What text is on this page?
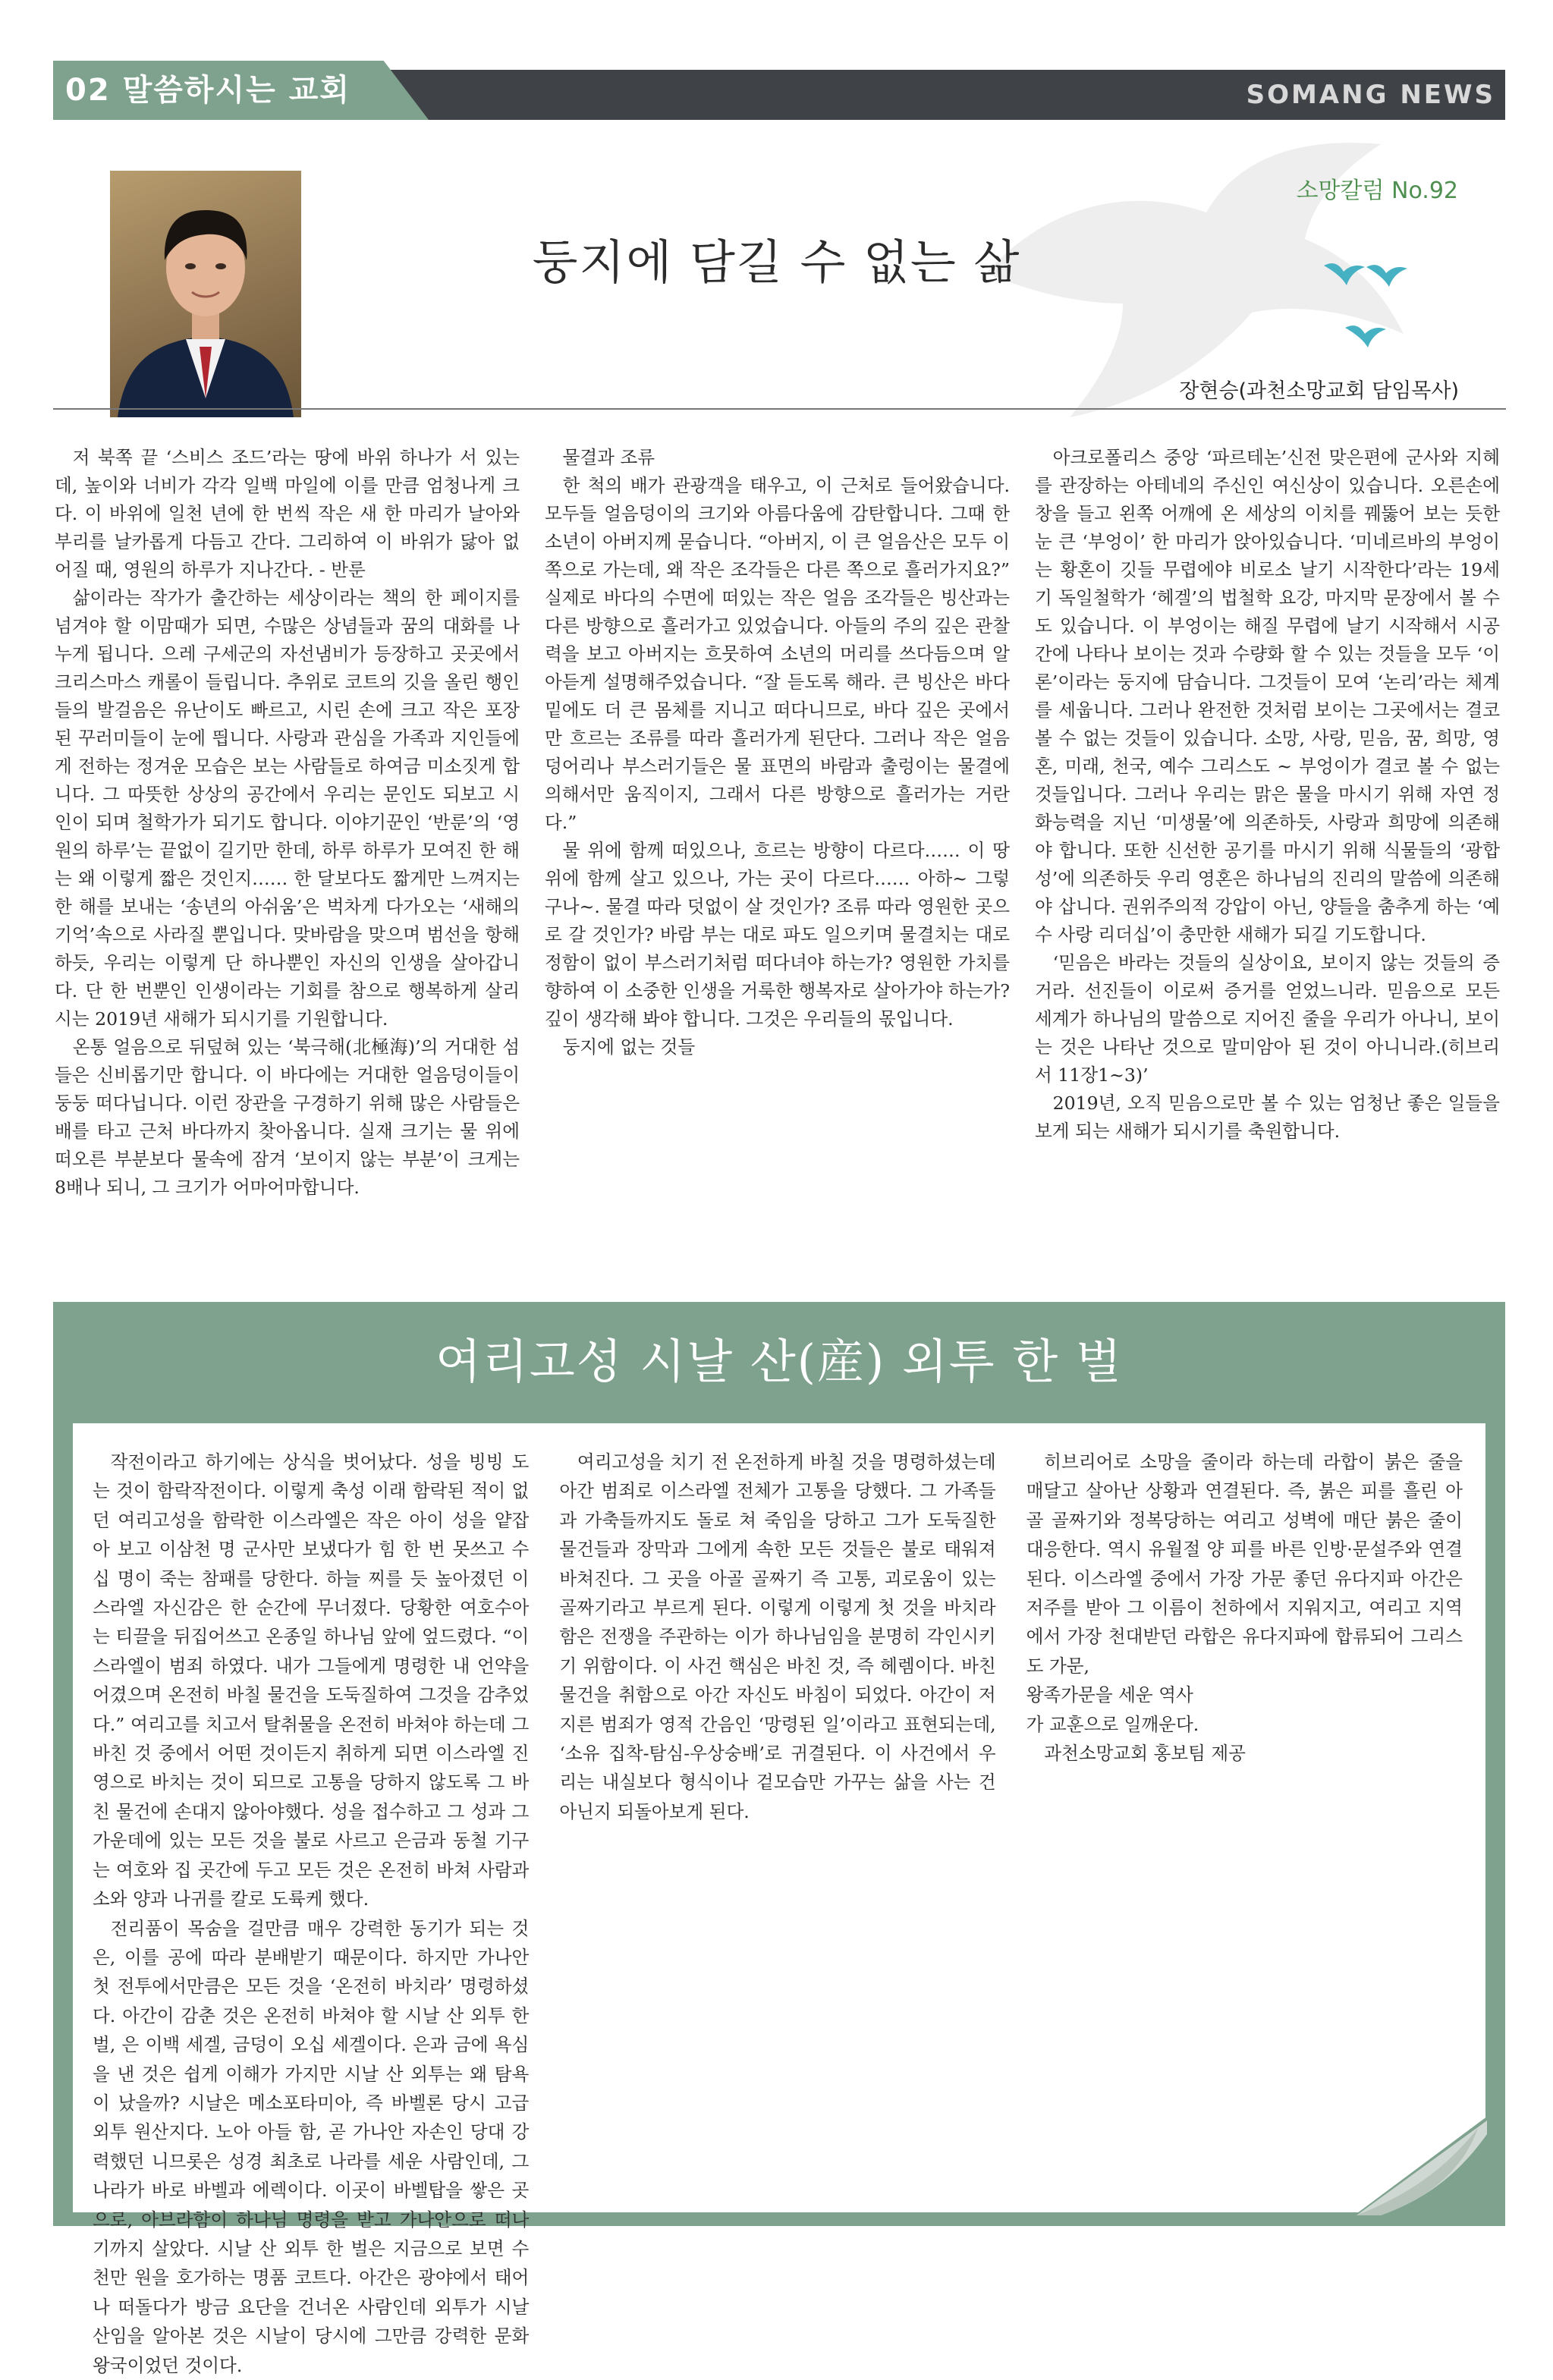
02 말씀하시는 교회	SOMANG NEWS
소망칼럼 No.92
둥지에 담길 수 없는 삶
장현승(과천소망교회 담임목사)

저 북쪽 끝 ‘스비스 조드’라는 땅에 바위 하나가 서 있는데, 높이와 너비가 각각 일백 마일에 이를 만큼 엄청나게 크다. 이 바위에 일천 년에 한 번씩 작은 새 한 마리가 날아와 부리를 날카롭게 다듬고 간다. 그리하여 이 바위가 닳아 없어질 때, 영원의 하루가 지나간다. - 반룬

삶이라는 작가가 출간하는 세상이라는 책의 한 페이지를 넘겨야 할 이맘때가 되면, 수많은 상념들과 꿈의 대화를 나누게 됩니다. 으레 구세군의 자선냄비가 등장하고 곳곳에서 크리스마스 캐롤이 들립니다. 추위로 코트의 깃을 올린 행인들의 발걸음은 유난이도 빠르고, 시린 손에 크고 작은 포장된 꾸러미들이 눈에 띕니다. 사랑과 관심을 가족과 지인들에게 전하는 정겨운 모습은 보는 사람들로 하여금 미소짓게 합니다. 그 따뜻한 상상의 공간에서 우리는 문인도 되보고 시인이 되며 철학가가 되기도 합니다. 이야기꾼인 ‘반룬’의 ‘영원의 하루’는 끝없이 길기만 한데, 하루 하루가 모여진 한 해는 왜 이렇게 짧은 것인지…… 한 달보다도 짧게만 느껴지는 한 해를 보내는 ‘송년의 아쉬움’은 벅차게 다가오는 ‘새해의 기억’속으로 사라질 뿐입니다. 맞바람을 맞으며 범선을 항해하듯, 우리는 이렇게 단 하나뿐인 자신의 인생을 살아갑니다. 단 한 번뿐인 인생이라는 기회를 참으로 행복하게 살리시는 2019년 새해가 되시기를 기원합니다.

온통 얼음으로 뒤덮혀 있는 ‘북극해(北極海)’의 거대한 섬들은 신비롭기만 합니다. 이 바다에는 거대한 얼음덩이들이 둥둥 떠다닙니다. 이런 장관을 구경하기 위해 많은 사람들은 배를 타고 근처 바다까지 찾아옵니다. 실재 크기는 물 위에 떠오른 부분보다 물속에 잠겨 ‘보이지 않는 부분’이 크게는 8배나 되니, 그 크기가 어마어마합니다.

물결과 조류

한 척의 배가 관광객을 태우고, 이 근처로 들어왔습니다. 모두들 얼음덩이의 크기와 아름다움에 감탄합니다. 그때 한 소년이 아버지께 묻습니다. “아버지, 이 큰 얼음산은 모두 이쪽으로 가는데, 왜 작은 조각들은 다른 쪽으로 흘러가지요?” 실제로 바다의 수면에 떠있는 작은 얼음 조각들은 빙산과는 다른 방향으로 흘러가고 있었습니다. 아들의 주의 깊은 관찰력을 보고 아버지는 흐뭇하여 소년의 머리를 쓰다듬으며 알아듣게 설명해주었습니다. “잘 듣도록 해라. 큰 빙산은 바다 밑에도 더 큰 몸체를 지니고 떠다니므로, 바다 깊은 곳에서만 흐르는 조류를 따라 흘러가게 된단다. 그러나 작은 얼음덩어리나 부스러기들은 물 표면의 바람과 출렁이는 물결에 의해서만 움직이지, 그래서 다른 방향으로 흘러가는 거란다.”

물 위에 함께 떠있으나, 흐르는 방향이 다르다…… 이 땅위에 함께 살고 있으나, 가는 곳이 다르다…… 아하~ 그렇구나~. 물결 따라 덧없이 살 것인가? 조류 따라 영원한 곳으로 갈 것인가? 바람 부는 대로 파도 일으키며 물결치는 대로 정함이 없이 부스러기처럼 떠다녀야 하는가? 영원한 가치를 향하여 이 소중한 인생을 거룩한 행복자로 살아가야 하는가? 깊이 생각해 봐야 합니다. 그것은 우리들의 몫입니다.

둥지에 없는 것들

아크로폴리스 중앙 ‘파르테논’신전 맞은편에 군사와 지혜를 관장하는 아테네의 주신인 여신상이 있습니다. 오른손에 창을 들고 왼쪽 어깨에 온 세상의 이치를 꿰뚫어 보는 듯한 눈 큰 ‘부엉이’ 한 마리가 앉아있습니다. ‘미네르바의 부엉이는 황혼이 깃들 무렵에야 비로소 날기 시작한다’라는 19세기 독일철학가 ‘헤겔’의 법철학 요강, 마지막 문장에서 볼 수도 있습니다. 이 부엉이는 해질 무렵에 날기 시작해서 시공간에 나타나 보이는 것과 수량화 할 수 있는 것들을 모두 ‘이론’이라는 둥지에 담습니다. 그것들이 모여 ‘논리’라는 체계를 세웁니다. 그러나 완전한 것처럼 보이는 그곳에서는 결코 볼 수 없는 것들이 있습니다. 소망, 사랑, 믿음, 꿈, 희망, 영혼, 미래, 천국, 예수 그리스도 ~ 부엉이가 결코 볼 수 없는 것들입니다. 그러나 우리는 맑은 물을 마시기 위해 자연 정화능력을 지닌 ‘미생물’에 의존하듯, 사랑과 희망에 의존해야 합니다. 또한 신선한 공기를 마시기 위해 식물들의 ‘광합성’에 의존하듯 우리 영혼은 하나님의 진리의 말씀에 의존해야 삽니다. 권위주의적 강압이 아닌, 양들을 춤추게 하는 ‘예수 사랑 리더십’이 충만한 새해가 되길 기도합니다.

‘믿음은 바라는 것들의 실상이요, 보이지 않는 것들의 증거라. 선진들이 이로써 증거를 얻었느니라. 믿음으로 모든 세계가 하나님의 말씀으로 지어진 줄을 우리가 아나니, 보이는 것은 나타난 것으로 말미암아 된 것이 아니니라.(히브리서 11장1~3)’

2019년, 오직 믿음으로만 볼 수 있는 엄청난 좋은 일들을 보게 되는 새해가 되시기를 축원합니다.

여리고성 시날 산(産) 외투 한 벌

작전이라고 하기에는 상식을 벗어났다. 성을 빙빙 도는 것이 함락작전이다. 이렇게 축성 이래 함락된 적이 없던 여리고성을 함락한 이스라엘은 작은 아이 성을 얕잡아 보고 이삼천 명 군사만 보냈다가 힘 한 번 못쓰고 수십 명이 죽는 참패를 당한다. 하늘 찌를 듯 높아졌던 이스라엘 자신감은 한 순간에 무너졌다. 당황한 여호수아는 티끌을 뒤집어쓰고 온종일 하나님 앞에 엎드렸다. “이스라엘이 범죄 하였다. 내가 그들에게 명령한 내 언약을 어겼으며 온전히 바칠 물건을 도둑질하여 그것을 감추었다.” 여리고를 치고서 탈취물을 온전히 바쳐야 하는데 그 바친 것 중에서 어떤 것이든지 취하게 되면 이스라엘 진영으로 바치는 것이 되므로 고통을 당하지 않도록 그 바친 물건에 손대지 않아야했다. 성을 접수하고 그 성과 그 가운데에 있는 모든 것을 불로 사르고 은금과 동철 기구는 여호와 집 곳간에 두고 모든 것은 온전히 바쳐 사람과 소와 양과 나귀를 칼로 도륙케 했다.

전리품이 목숨을 걸만큼 매우 강력한 동기가 되는 것은, 이를 공에 따라 분배받기 때문이다. 하지만 가나안 첫 전투에서만큼은 모든 것을 ‘온전히 바치라’ 명령하셨다. 아간이 감춘 것은 온전히 바쳐야 할 시날 산 외투 한 벌, 은 이백 세겔, 금덩이 오십 세겔이다. 은과 금에 욕심을 낸 것은 쉽게 이해가 가지만 시날 산 외투는 왜 탐욕이 났을까? 시날은 메소포타미아, 즉 바벨론 당시 고급 외투 원산지다. 노아 아들 함, 곧 가나안 자손인 당대 강력했던 니므롯은 성경 최초로 나라를 세운 사람인데, 그 나라가 바로 바벨과 에렉이다. 이곳이 바벨탑을 쌓은 곳으로, 아브라함이 하나님 명령을 받고 가나안으로 떠나기까지 살았다. 시날 산 외투 한 벌은 지금으로 보면 수천만 원을 호가하는 명품 코트다. 아간은 광야에서 태어나 떠돌다가 방금 요단을 건너온 사람인데 외투가 시날 산임을 알아본 것은 시날이 당시에 그만큼 강력한 문화왕국이었던 것이다.

여리고성을 치기 전 온전하게 바칠 것을 명령하셨는데 아간 범죄로 이스라엘 전체가 고통을 당했다. 그 가족들과 가축들까지도 돌로 쳐 죽임을 당하고 그가 도둑질한 물건들과 장막과 그에게 속한 모든 것들은 불로 태워져 바쳐진다. 그 곳을 아골 골짜기 즉 고통, 괴로움이 있는 골짜기라고 부르게 된다. 이렇게 이렇게 첫 것을 바치라 함은 전쟁을 주관하는 이가 하나님임을 분명히 각인시키기 위함이다. 이 사건 핵심은 바친 것, 즉 헤렘이다. 바친 물건을 취함으로 아간 자신도 바침이 되었다. 아간이 저지른 범죄가 영적 간음인 ‘망령된 일’이라고 표현되는데, ‘소유 집착-탐심-우상숭배’로 귀결된다. 이 사건에서 우리는 내실보다 형식이나 겉모습만 가꾸는 삶을 사는 건 아닌지 되돌아보게 된다.

히브리어로 소망을 줄이라 하는데 라합이 붉은 줄을 매달고 살아난 상황과 연결된다. 즉, 붉은 피를 흘린 아골 골짜기와 정복당하는 여리고 성벽에 매단 붉은 줄이 대응한다. 역시 유월절 양 피를 바른 인방·문설주와 연결된다. 이스라엘 중에서 가장 가문 좋던 유다지파 아간은 저주를 받아 그 이름이 천하에서 지워지고, 여리고 지역에서 가장 천대받던 라합은 유다지파에 합류되어 그리스도 가문,

왕족가문을 세운 역사

가 교훈으로 일깨운다.

과천소망교회 홍보팀 제공
